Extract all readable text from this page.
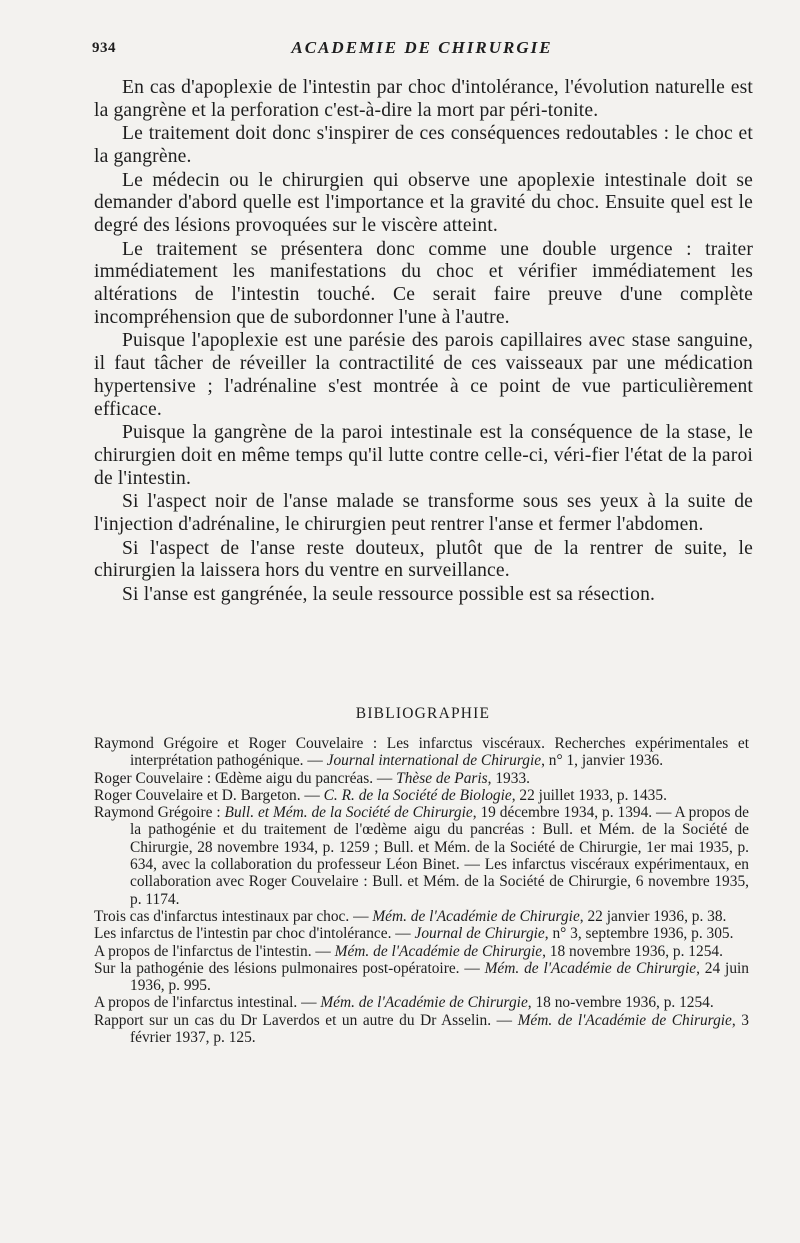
934	ACADEMIE DE CHIRURGIE

En cas d'apoplexie de l'intestin par choc d'intolérance, l'évolution naturelle est la gangrène et la perforation c'est-à-dire la mort par péri-tonite.

Le traitement doit donc s'inspirer de ces conséquences redoutables : le choc et la gangrène.

Le médecin ou le chirurgien qui observe une apoplexie intestinale doit se demander d'abord quelle est l'importance et la gravité du choc. Ensuite quel est le degré des lésions provoquées sur le viscère atteint.

Le traitement se présentera donc comme une double urgence : traiter immédiatement les manifestations du choc et vérifier immédiatement les altérations de l'intestin touché. Ce serait faire preuve d'une complète incompréhension que de subordonner l'une à l'autre.

Puisque l'apoplexie est une parésie des parois capillaires avec stase sanguine, il faut tâcher de réveiller la contractilité de ces vaisseaux par une médication hypertensive ; l'adrénaline s'est montrée à ce point de vue particulièrement efficace.

Puisque la gangrène de la paroi intestinale est la conséquence de la stase, le chirurgien doit en même temps qu'il lutte contre celle-ci, véri-fier l'état de la paroi de l'intestin.

Si l'aspect noir de l'anse malade se transforme sous ses yeux à la suite de l'injection d'adrénaline, le chirurgien peut rentrer l'anse et fermer l'abdomen.

Si l'aspect de l'anse reste douteux, plutôt que de la rentrer de suite, le chirurgien la laissera hors du ventre en surveillance.

Si l'anse est gangrénée, la seule ressource possible est sa résection.

BIBLIOGRAPHIE
Raymond Grégoire et Roger Couvelaire : Les infarctus viscéraux. Recherches expérimentales et interprétation pathogénique. — Journal international de Chirurgie, n° 1, janvier 1936.
Roger Couvelaire : Œdème aigu du pancréas. — Thèse de Paris, 1933.
Roger Couvelaire et D. Bargeton. — C. R. de la Société de Biologie, 22 juillet 1933, p. 1435.
Raymond Grégoire : Bull. et Mém. de la Société de Chirurgie, 19 décembre 1934, p. 1394. — A propos de la pathogénie et du traitement de l'œdème aigu du pancréas : Bull. et Mém. de la Société de Chirurgie, 28 novembre 1934, p. 1259 ; Bull. et Mém. de la Société de Chirurgie, 1er mai 1935, p. 634, avec la collaboration du professeur Léon Binet. — Les infarctus viscéraux expérimentaux, en collaboration avec Roger Couvelaire : Bull. et Mém. de la Société de Chirurgie, 6 novembre 1935, p. 1174.
Trois cas d'infarctus intestinaux par choc. — Mém. de l'Académie de Chirurgie, 22 janvier 1936, p. 38.
Les infarctus de l'intestin par choc d'intolérance. — Journal de Chirurgie, n° 3, septembre 1936, p. 305.
A propos de l'infarctus de l'intestin. — Mém. de l'Académie de Chirurgie, 18 novembre 1936, p. 1254.
Sur la pathogénie des lésions pulmonaires post-opératoire. — Mém. de l'Académie de Chirurgie, 24 juin 1936, p. 995.
A propos de l'infarctus intestinal. — Mém. de l'Académie de Chirurgie, 18 no-vembre 1936, p. 1254.
Rapport sur un cas du Dr Laverdos et un autre du Dr Asselin. — Mém. de l'Académie de Chirurgie, 3 février 1937, p. 125.
